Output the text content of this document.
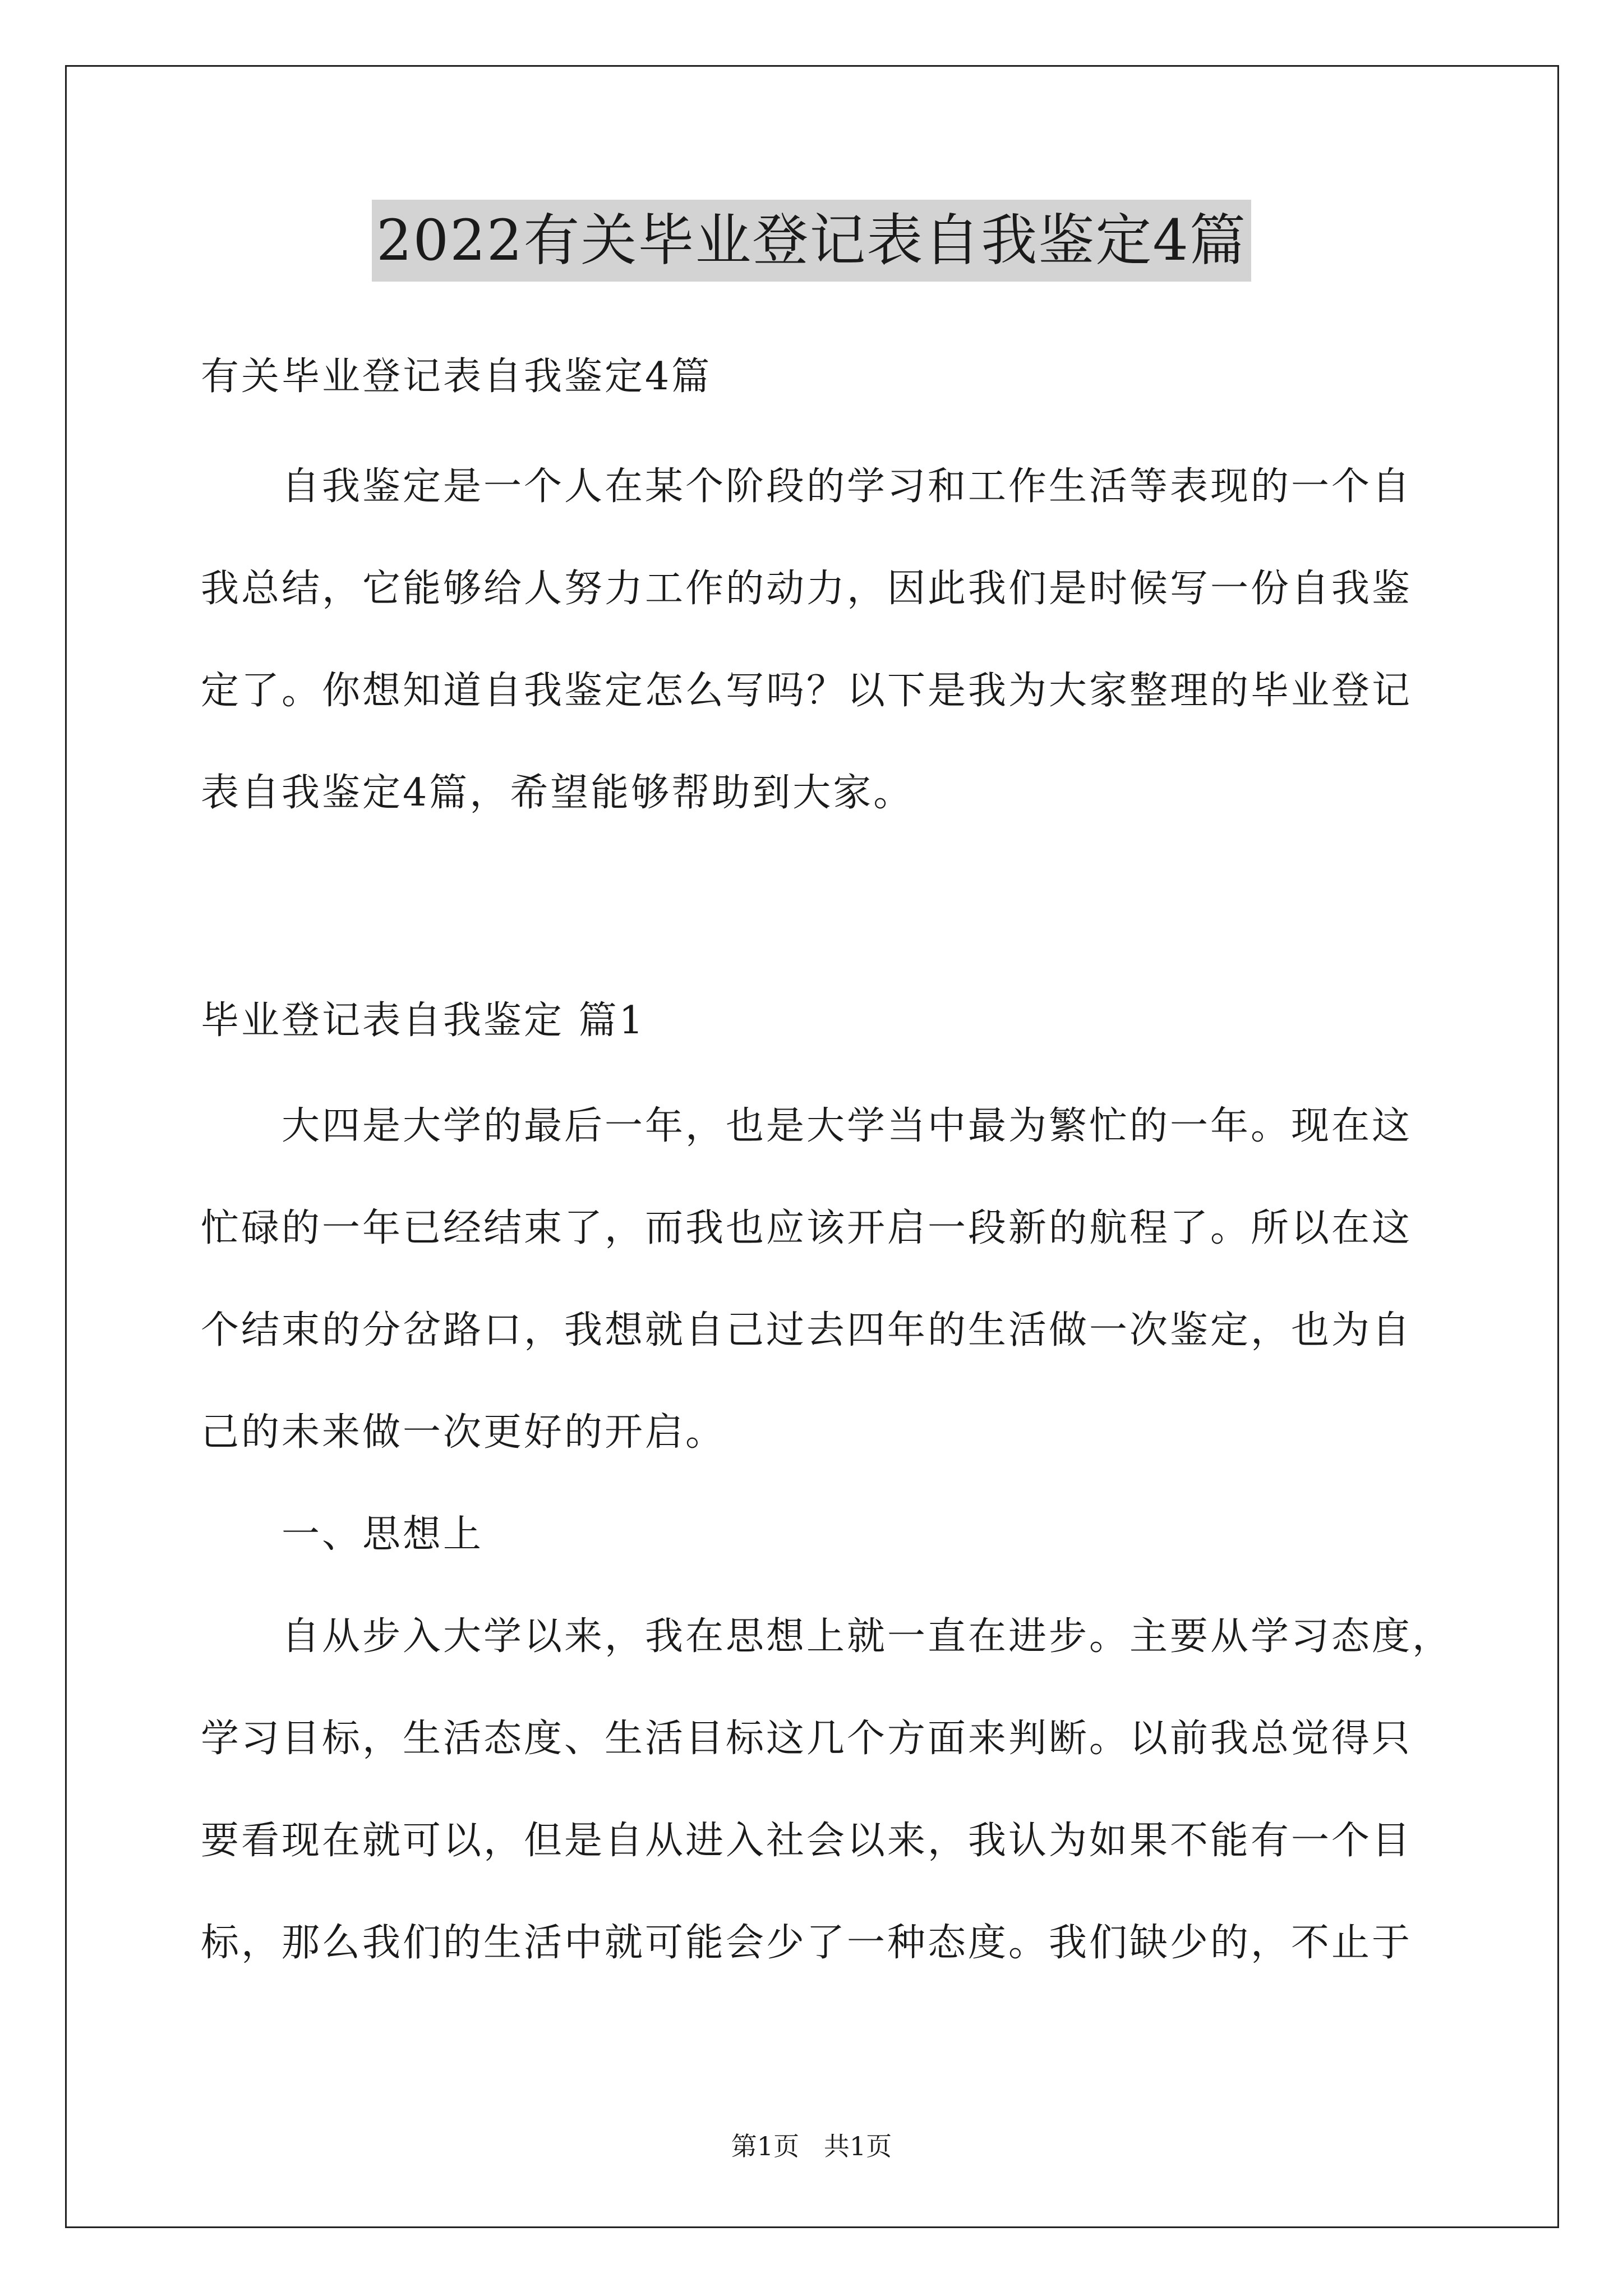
2022有关毕业登记表自我鉴定4篇
有关毕业登记表自我鉴定4篇
自我鉴定是一个人在某个阶段的学习和工作生活等表现的一个自
我总结，它能够给人努力工作的动力，因此我们是时候写一份自我鉴
定了。你想知道自我鉴定怎么写吗？以下是我为大家整理的毕业登记
表自我鉴定4篇，希望能够帮助到大家。
毕业登记表自我鉴定 篇1
大四是大学的最后一年，也是大学当中最为繁忙的一年。现在这
忙碌的一年已经结束了，而我也应该开启一段新的航程了。所以在这
个结束的分岔路口，我想就自己过去四年的生活做一次鉴定，也为自
己的未来做一次更好的开启。
一、思想上
自从步入大学以来，我在思想上就一直在进步。主要从学习态度，
学习目标，生活态度、生活目标这几个方面来判断。以前我总觉得只
要看现在就可以，但是自从进入社会以来，我认为如果不能有一个目
标，那么我们的生活中就可能会少了一种态度。我们缺少的，不止于
第1页   共1页
